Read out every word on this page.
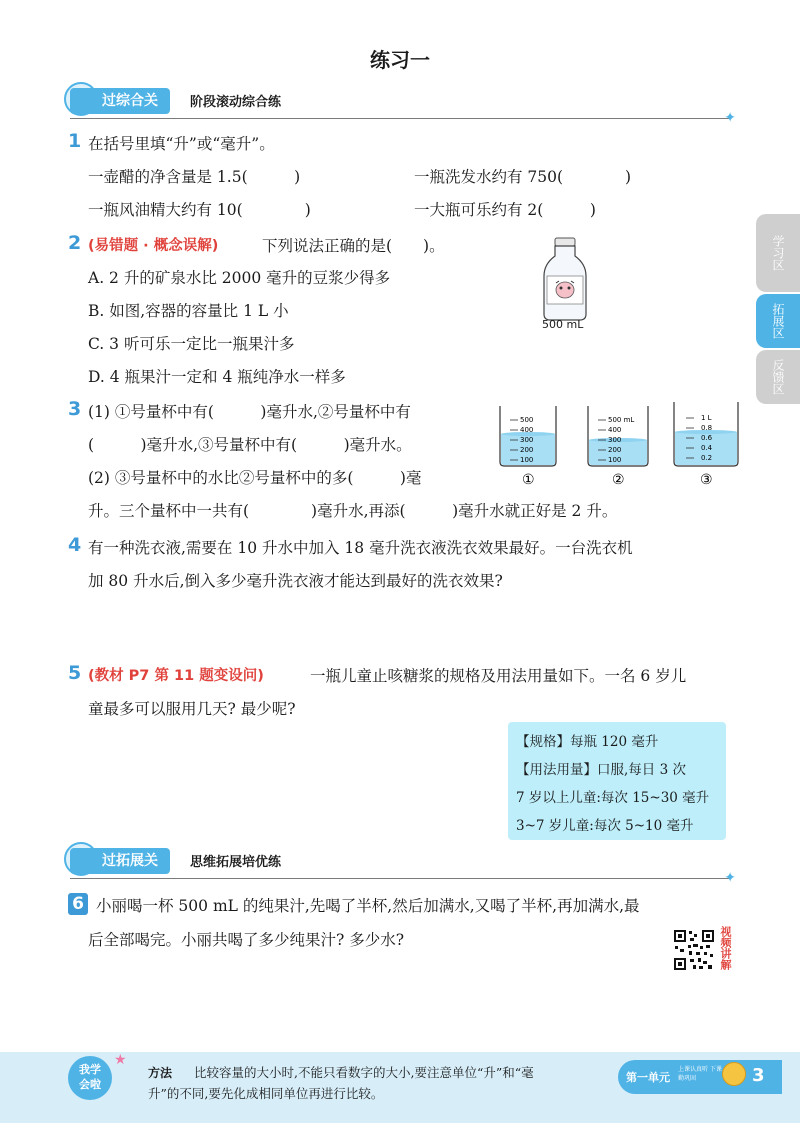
练习一
过综合关	阶段滚动综合练
✦
学习区
拓展区
反馈区
1 在括号里填“升”或“毫升”。
一壶醋的净含量是 1.5(　　　)	一瓶洗发水约有 750(　　　　)
一瓶风油精大约有 10(　　　　)	一大瓶可乐约有 2(　　　)
2 (易错题 · 概念误解)	下列说法正确的是(　　)。
A. 2 升的矿泉水比 2000 毫升的豆浆少得多
B. 如图,容器的容量比 1 L 小
C. 3 听可乐一定比一瓶果汁多
D. 4 瓶果汁一定和 4 瓶纯净水一样多
500 mL
3 (1) ①号量杯中有(　　　)毫升水,②号量杯中有
(　　　)毫升水,③号量杯中有(　　　)毫升水。
(2) ③号量杯中的水比②号量杯中的多(　　　)毫
升。三个量杯中一共有(　　　　)毫升水,再添(　　　)毫升水就正好是 2 升。
500
400
300
200
100
500 mL
400
300
200
100
1 L
0.8
0.6
0.4
0.2
①	②	③
4 有一种洗衣液,需要在 10 升水中加入 18 毫升洗衣液洗衣效果最好。一台洗衣机
加 80 升水后,倒入多少毫升洗衣液才能达到最好的洗衣效果?
5 (教材 P7 第 11 题变设问)	一瓶儿童止咳糖浆的规格及用法用量如下。一名 6 岁儿
童最多可以服用几天? 最少呢?
【规格】每瓶 120 毫升
【用法用量】口服,每日 3 次
7 岁以上儿童:每次 15~30 毫升
3~7 岁儿童:每次 5~10 毫升
过拓展关	思维拓展培优练
✦
6 小丽喝一杯 500 mL 的纯果汁,先喝了半杯,然后加满水,又喝了半杯,再加满水,最
后全部喝完。小丽共喝了多少纯果汁? 多少水?	视频讲解
我学会啦
★
方法 比较容量的大小时,不能只看数字的大小,要注意单位“升”和“毫
升”的不同,要先化成相同单位再进行比较。
第一单元
上课认真听 下课勤巩固	3
